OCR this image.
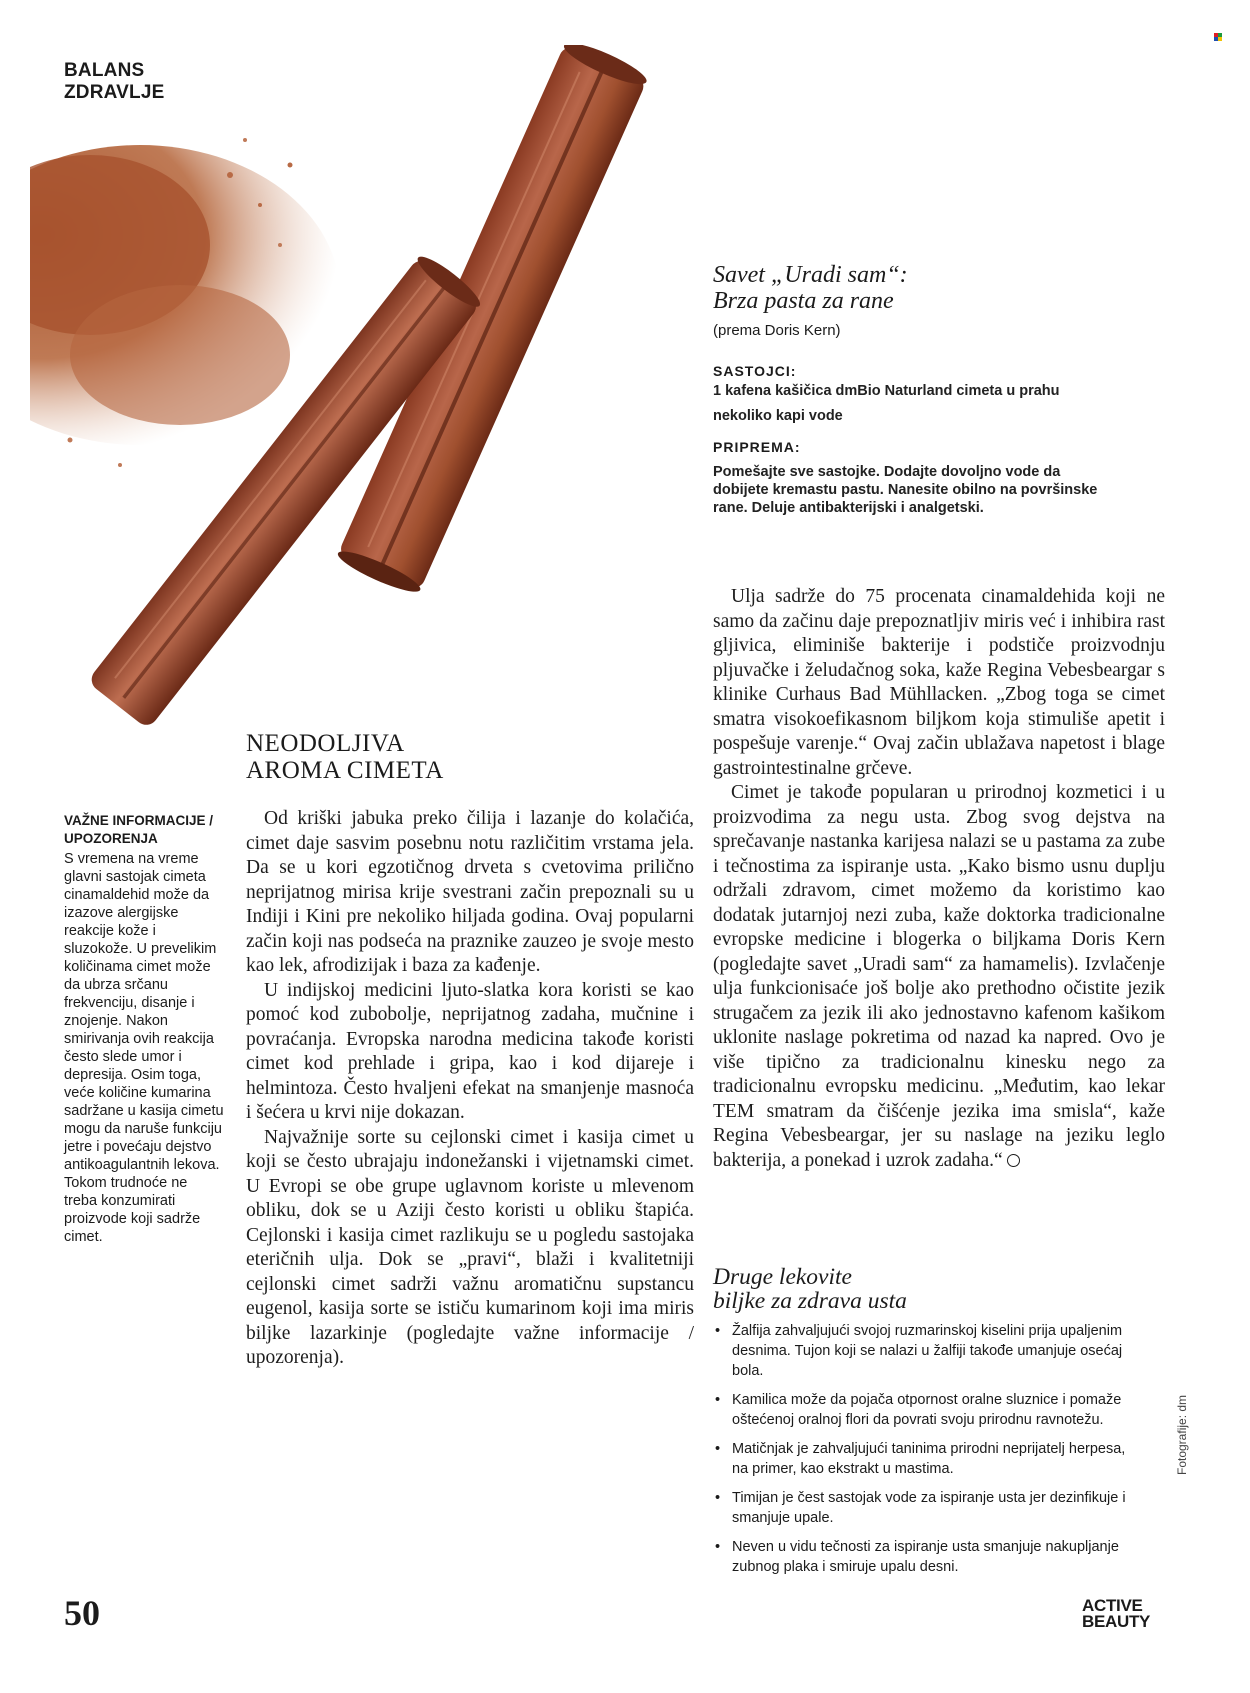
BALANS
ZDRAVLJE
Savet „Uradi sam“:
Brza pasta za rane
(prema Doris Kern)
SASTOJCI:
1 kafena kašičica dmBio Naturland cimeta u prahu
nekoliko kapi vode
PRIPREMA:
Pomešajte sve sastojke. Dodajte dovoljno vode da dobijete kremastu pastu. Nanesite obilno na površinske rane. Deluje antibakterijski i analgetski.
VAŽNE INFORMACIJE / UPOZORENJA
S vremena na vreme glavni sastojak cimeta cinamaldehid može da izazove alergijske reakcije kože i sluzokože. U prevelikim količinama cimet može da ubrza srčanu frekvenciju, disanje i znojenje. Nakon smirivanja ovih reakcija često slede umor i depresija. Osim toga, veće količine kumarina sadržane u kasija cimetu mogu da naruše funkciju jetre i povećaju dejstvo antikoagulantnih lekova. Tokom trudnoće ne treba konzumirati proizvode koji sadrže cimet.
NEODOLJIVA
AROMA CIMETA

Od kriški jabuka preko čilija i lazanje do kolačića, cimet daje sasvim posebnu notu različitim vrstama jela. Da se u kori egzotičnog drveta s cvetovima prilično neprijatnog mirisa krije svestrani začin prepoznali su u Indiji i Kini pre nekoliko hiljada godina. Ovaj popularni začin koji nas podseća na praznike zauzeo je svoje mesto kao lek, afrodizijak i baza za kađenje.

U indijskoj medicini ljuto-slatka kora koristi se kao pomoć kod zubobolje, neprijatnog zadaha, mučnine i povraćanja. Evropska narodna medicina takođe koristi cimet kod prehlade i gripa, kao i kod dijareje i helmintoza. Često hvaljeni efekat na smanjenje masnoća i šećera u krvi nije dokazan.

Najvažnije sorte su cejlonski cimet i kasija cimet u koji se često ubrajaju indonežanski i vijetnamski cimet. U Evropi se obe grupe uglavnom koriste u mlevenom obliku, dok se u Aziji često koristi u obliku štapića. Cejlonski i kasija cimet razlikuju se u pogledu sastojaka eteričnih ulja. Dok se „pravi“, blaži i kvalitetniji cejlonski cimet sadrži važnu aromatičnu supstancu eugenol, kasija sorte se ističu kumarinom koji ima miris biljke lazarkinje (pogledajte važne informacije / upozorenja).

Ulja sadrže do 75 procenata cinamaldehida koji ne samo da začinu daje prepoznatljiv miris već i inhibira rast gljivica, eliminiše bakterije i podstiče proizvodnju pljuvačke i želudačnog soka, kaže Regina Vebesbeargar s klinike Curhaus Bad Mühllacken. „Zbog toga se cimet smatra visokoefikasnom biljkom koja stimuliše apetit i pospešuje varenje.“ Ovaj začin ublažava napetost i blage gastrointestinalne grčeve.

Cimet je takođe popularan u prirodnoj kozmetici i u proizvodima za negu usta. Zbog svog dejstva na sprečavanje nastanka karijesa nalazi se u pastama za zube i tečnostima za ispiranje usta. „Kako bismo usnu duplju održali zdravom, cimet možemo da koristimo kao dodatak jutarnjoj nezi zuba, kaže doktorka tradicionalne evropske medicine i blogerka o biljkama Doris Kern (pogledajte savet „Uradi sam“ za hamamelis). Izvlačenje ulja funkcionisaće još bolje ako prethodno očistite jezik strugačem za jezik ili ako jednostavno kafenom kašikom uklonite naslage pokretima od nazad ka napred. Ovo je više tipično za tradicionalnu kinesku nego za tradicionalnu evropsku medicinu. „Međutim, kao lekar TEM smatram da čišćenje jezika ima smisla“, kaže Regina Vebesbeargar, jer su naslage na jeziku leglo bakterija, a ponekad i uzrok zadaha.“

Druge lekovite
biljke za zdrava usta
• Žalfija zahvaljujući svojoj ruzmarinskoj kiselini prija upaljenim desnima. Tujon koji se nalazi u žalfiji takođe umanjuje osećaj bola.
• Kamilica može da pojača otpornost oralne sluznice i pomaže oštećenoj oralnoj flori da povrati svoju prirodnu ravnotežu.
• Matičnjak je zahvaljujući taninima prirodni neprijatelj herpesa, na primer, kao ekstrakt u mastima.
• Timijan je čest sastojak vode za ispiranje usta jer dezinfikuje i smanjuje upale.
• Neven u vidu tečnosti za ispiranje usta smanjuje nakupljanje zubnog plaka i smiruje upalu desni.
Fotografije: dm
50	ACTIVE
BEAUTY
